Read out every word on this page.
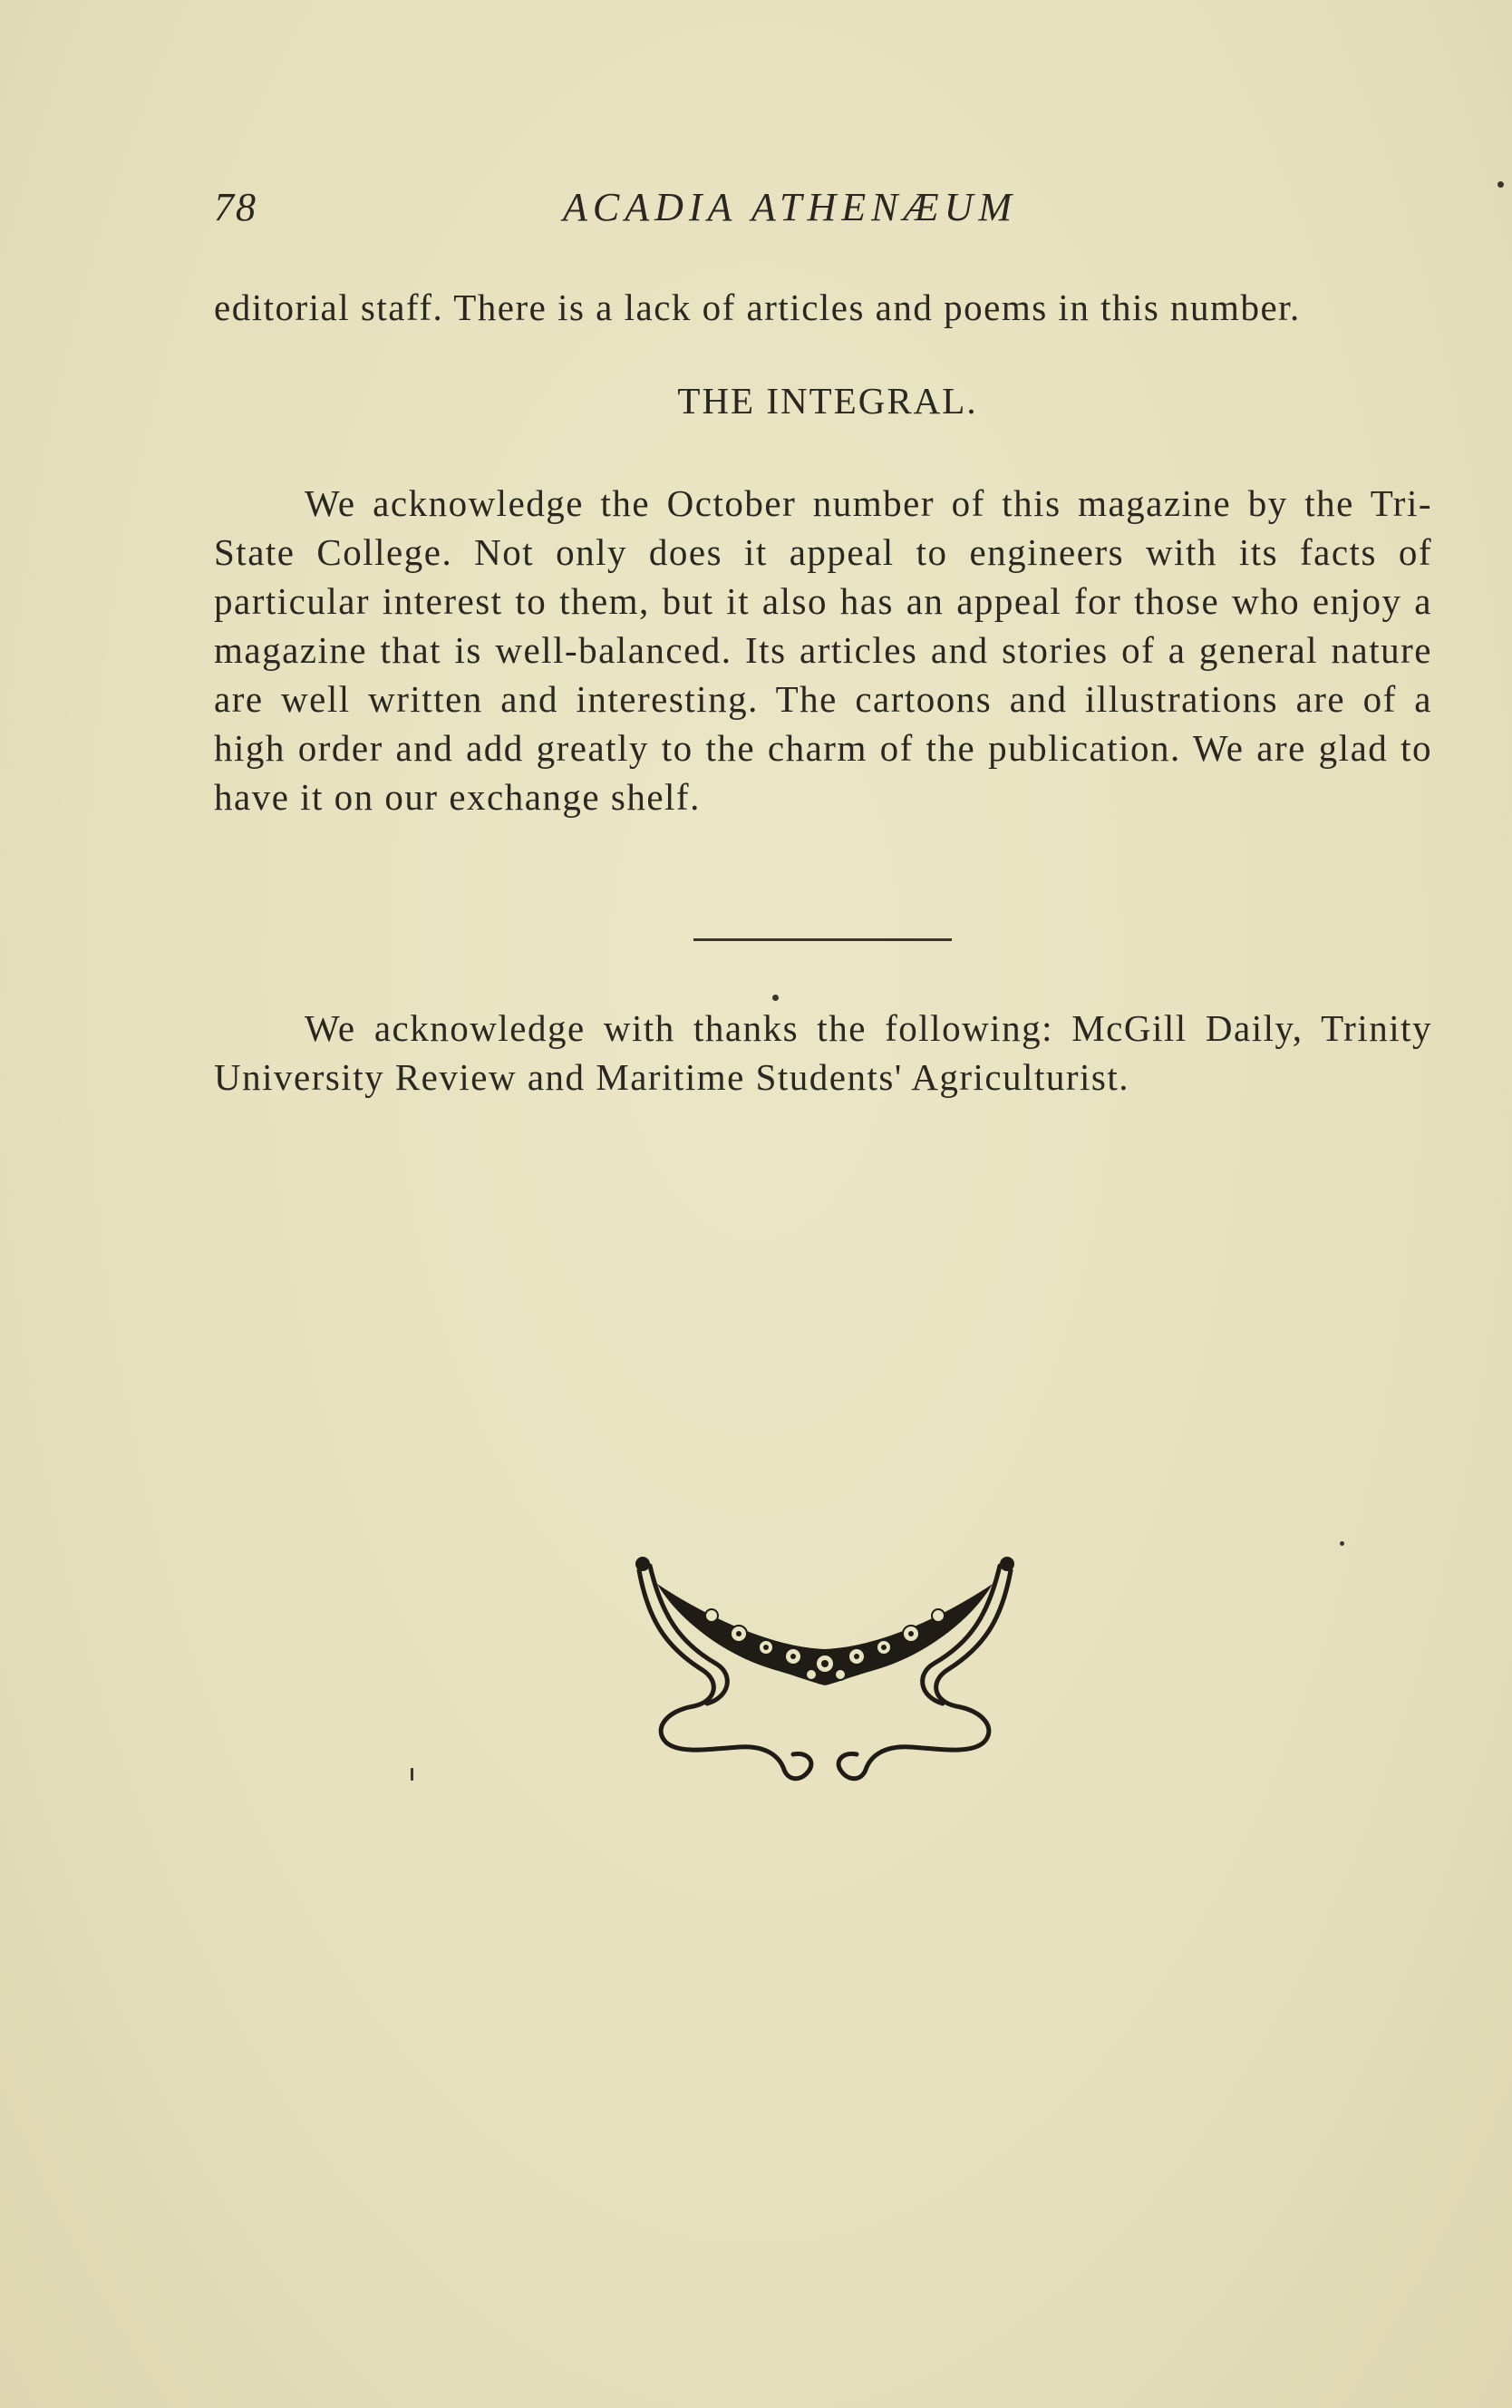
78	ACADIA ATHENÆUM
editorial staff. There is a lack of articles and poems in this number.
THE INTEGRAL.
We acknowledge the October number of this magazine by the Tri-State College. Not only does it appeal to engineers with its facts of particular interest to them, but it also has an appeal for those who enjoy a magazine that is well-balanced. Its articles and stories of a general nature are well written and interesting. The cartoons and illustrations are of a high order and add greatly to the charm of the publication. We are glad to have it on our exchange shelf.
We acknowledge with thanks the following: McGill Daily, Trinity University Review and Maritime Students' Agriculturist.
